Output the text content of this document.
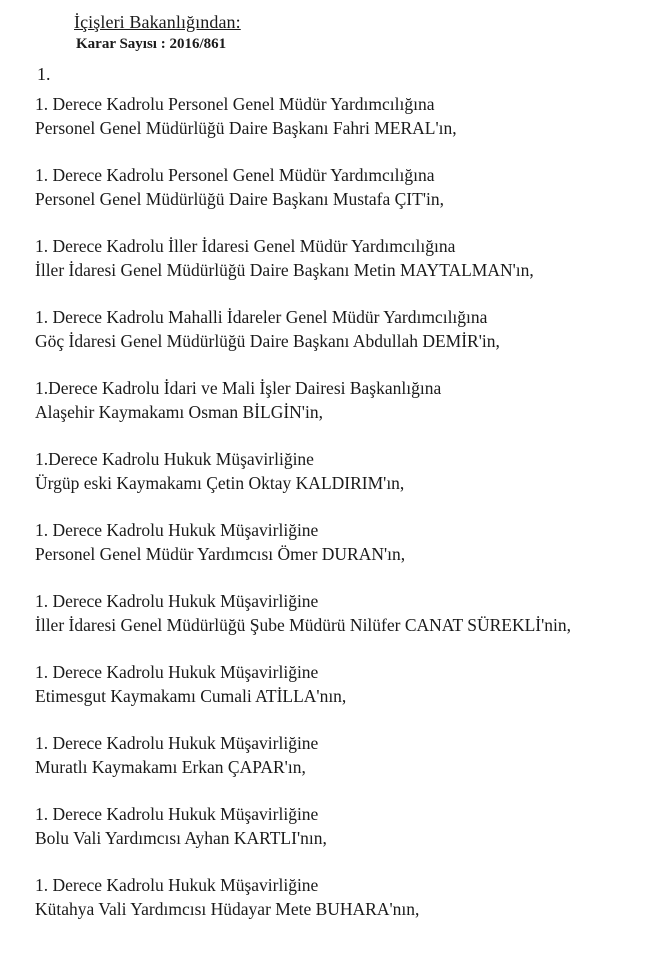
İçişleri Bakanlığından:
Karar Sayısı : 2016/861
1.
1. Derece Kadrolu Personel Genel Müdür Yardımcılığına
Personel Genel Müdürlüğü Daire Başkanı Fahri MERAL'ın,
1. Derece Kadrolu Personel Genel Müdür Yardımcılığına
Personel Genel Müdürlüğü Daire Başkanı Mustafa ÇIT'in,
1. Derece Kadrolu İller İdaresi Genel Müdür Yardımcılığına
İller İdaresi Genel Müdürlüğü Daire Başkanı Metin MAYTALMAN'ın,
1. Derece Kadrolu Mahalli İdareler Genel Müdür Yardımcılığına
Göç İdaresi Genel Müdürlüğü Daire Başkanı Abdullah DEMİR'in,
1.Derece Kadrolu İdari ve Mali İşler Dairesi Başkanlığına
Alaşehir Kaymakamı Osman BİLGİN'in,
1.Derece Kadrolu Hukuk Müşavirliğine
Ürgüp eski Kaymakamı Çetin Oktay KALDIRIM'ın,
1. Derece Kadrolu Hukuk Müşavirliğine
Personel Genel Müdür Yardımcısı Ömer DURAN'ın,
1. Derece Kadrolu Hukuk Müşavirliğine
İller İdaresi Genel Müdürlüğü Şube Müdürü Nilüfer CANAT SÜREKLİ'nin,
1. Derece Kadrolu Hukuk Müşavirliğine
Etimesgut Kaymakamı Cumali ATİLLA'nın,
1. Derece Kadrolu Hukuk Müşavirliğine
Muratlı Kaymakamı Erkan ÇAPAR'ın,
1. Derece Kadrolu Hukuk Müşavirliğine
Bolu Vali Yardımcısı Ayhan KARTLI'nın,
1. Derece Kadrolu Hukuk Müşavirliğine
Kütahya Vali Yardımcısı Hüdayar Mete BUHARA'nın,
